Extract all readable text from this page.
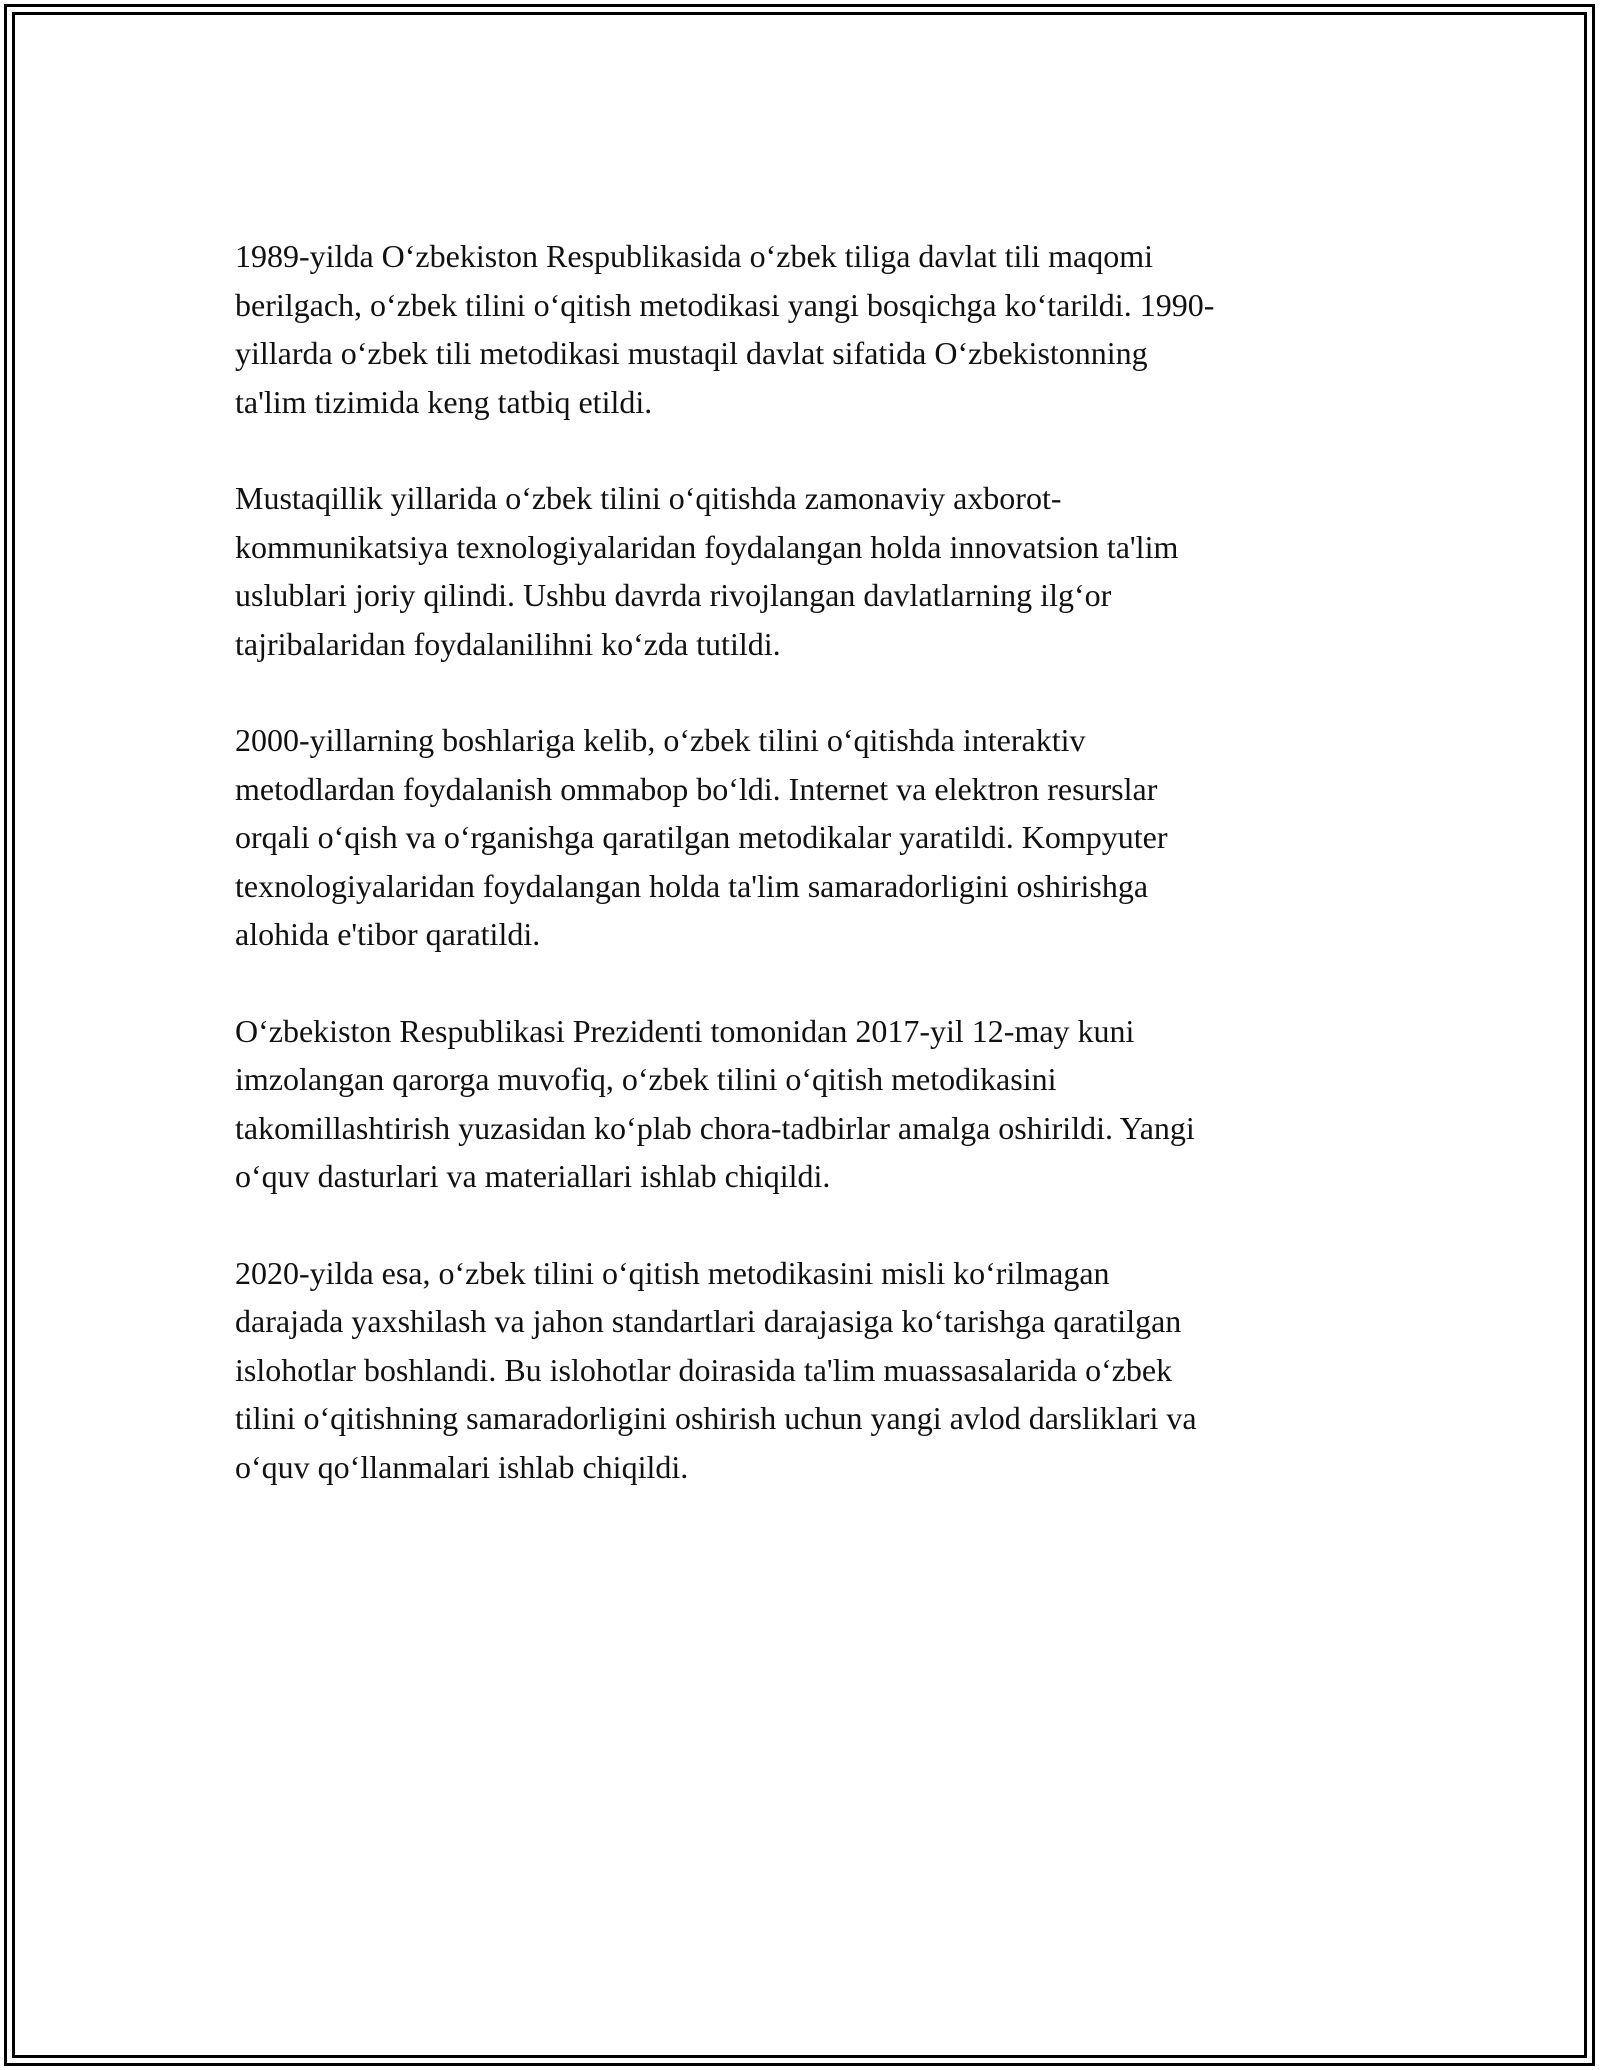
1989-yilda O‘zbekiston Respublikasida o‘zbek tiliga davlat tili maqomi
berilgach, o‘zbek tilini o‘qitish metodikasi yangi bosqichga ko‘tarildi. 1990-
yillarda o‘zbek tili metodikasi mustaqil davlat sifatida O‘zbekistonning
ta'lim tizimida keng tatbiq etildi.

Mustaqillik yillarida o‘zbek tilini o‘qitishda zamonaviy axborot-
kommunikatsiya texnologiyalaridan foydalangan holda innovatsion ta'lim
uslublari joriy qilindi. Ushbu davrda rivojlangan davlatlarning ilg‘or
tajribalaridan foydalanilihni ko‘zda tutildi.

2000-yillarning boshlariga kelib, o‘zbek tilini o‘qitishda interaktiv
metodlardan foydalanish ommabop bo‘ldi. Internet va elektron resurslar
orqali o‘qish va o‘rganishga qaratilgan metodikalar yaratildi. Kompyuter
texnologiyalaridan foydalangan holda ta'lim samaradorligini oshirishga
alohida e'tibor qaratildi.

O‘zbekiston Respublikasi Prezidenti tomonidan 2017-yil 12-may kuni
imzolangan qarorga muvofiq, o‘zbek tilini o‘qitish metodikasini
takomillashtirish yuzasidan ko‘plab chora-tadbirlar amalga oshirildi. Yangi
o‘quv dasturlari va materiallari ishlab chiqildi.

2020-yilda esa, o‘zbek tilini o‘qitish metodikasini misli ko‘rilmagan
darajada yaxshilash va jahon standartlari darajasiga ko‘tarishga qaratilgan
islohotlar boshlandi. Bu islohotlar doirasida ta'lim muassasalarida o‘zbek
tilini o‘qitishning samaradorligini oshirish uchun yangi avlod darsliklari va
o‘quv qo‘llanmalari ishlab chiqildi.
